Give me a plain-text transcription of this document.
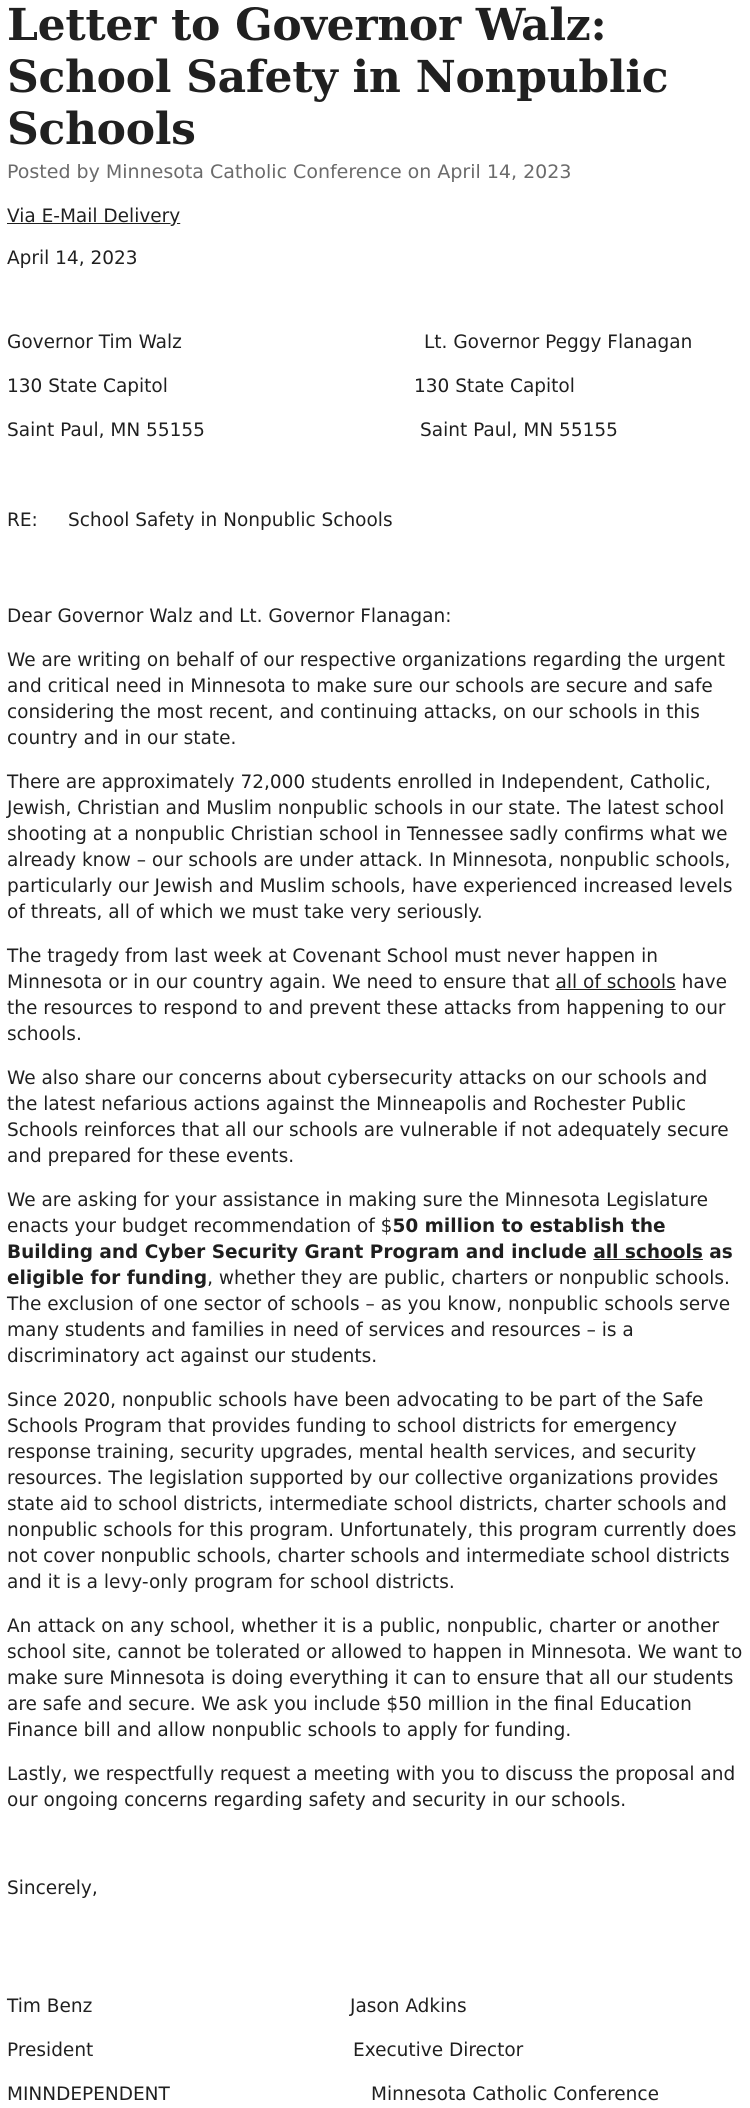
Letter to Governor Walz: School Safety in Nonpublic Schools
Posted by Minnesota Catholic Conference on April 14, 2023
Via E-Mail Delivery
April 14, 2023
Governor Tim Walz	Lt. Governor Peggy Flanagan
130 State Capitol	130 State Capitol
Saint Paul, MN 55155	Saint Paul, MN 55155
RE: School Safety in Nonpublic Schools
Dear Governor Walz and Lt. Governor Flanagan:

We are writing on behalf of our respective organizations regarding the urgent and critical need in Minnesota to make sure our schools are secure and safe considering the most recent, and continuing attacks, on our schools in this country and in our state.

There are approximately 72,000 students enrolled in Independent, Catholic, Jewish, Christian and Muslim nonpublic schools in our state. The latest school shooting at a nonpublic Christian school in Tennessee sadly confirms what we already know – our schools are under attack. In Minnesota, nonpublic schools, particularly our Jewish and Muslim schools, have experienced increased levels of threats, all of which we must take very seriously.

The tragedy from last week at Covenant School must never happen in Minnesota or in our country again. We need to ensure that all of schools have the resources to respond to and prevent these attacks from happening to our schools.

We also share our concerns about cybersecurity attacks on our schools and the latest nefarious actions against the Minneapolis and Rochester Public Schools reinforces that all our schools are vulnerable if not adequately secure and prepared for these events.

We are asking for your assistance in making sure the Minnesota Legislature enacts your budget recommendation of $50 million to establish the Building and Cyber Security Grant Program and include all schools as eligible for funding, whether they are public, charters or nonpublic schools. The exclusion of one sector of schools – as you know, nonpublic schools serve many students and families in need of services and resources – is a discriminatory act against our students.

Since 2020, nonpublic schools have been advocating to be part of the Safe Schools Program that provides funding to school districts for emergency response training, security upgrades, mental health services, and security resources. The legislation supported by our collective organizations provides state aid to school districts, intermediate school districts, charter schools and nonpublic schools for this program. Unfortunately, this program currently does not cover nonpublic schools, charter schools and intermediate school districts and it is a levy-only program for school districts.

An attack on any school, whether it is a public, nonpublic, charter or another school site, cannot be tolerated or allowed to happen in Minnesota. We want to make sure Minnesota is doing everything it can to ensure that all our students are safe and secure. We ask you include $50 million in the final Education Finance bill and allow nonpublic schools to apply for funding.

Lastly, we respectfully request a meeting with you to discuss the proposal and our ongoing concerns regarding safety and security in our schools.

Sincerely,
Tim Benz	Jason Adkins
President	Executive Director
MINNDEPENDENT	Minnesota Catholic Conference
